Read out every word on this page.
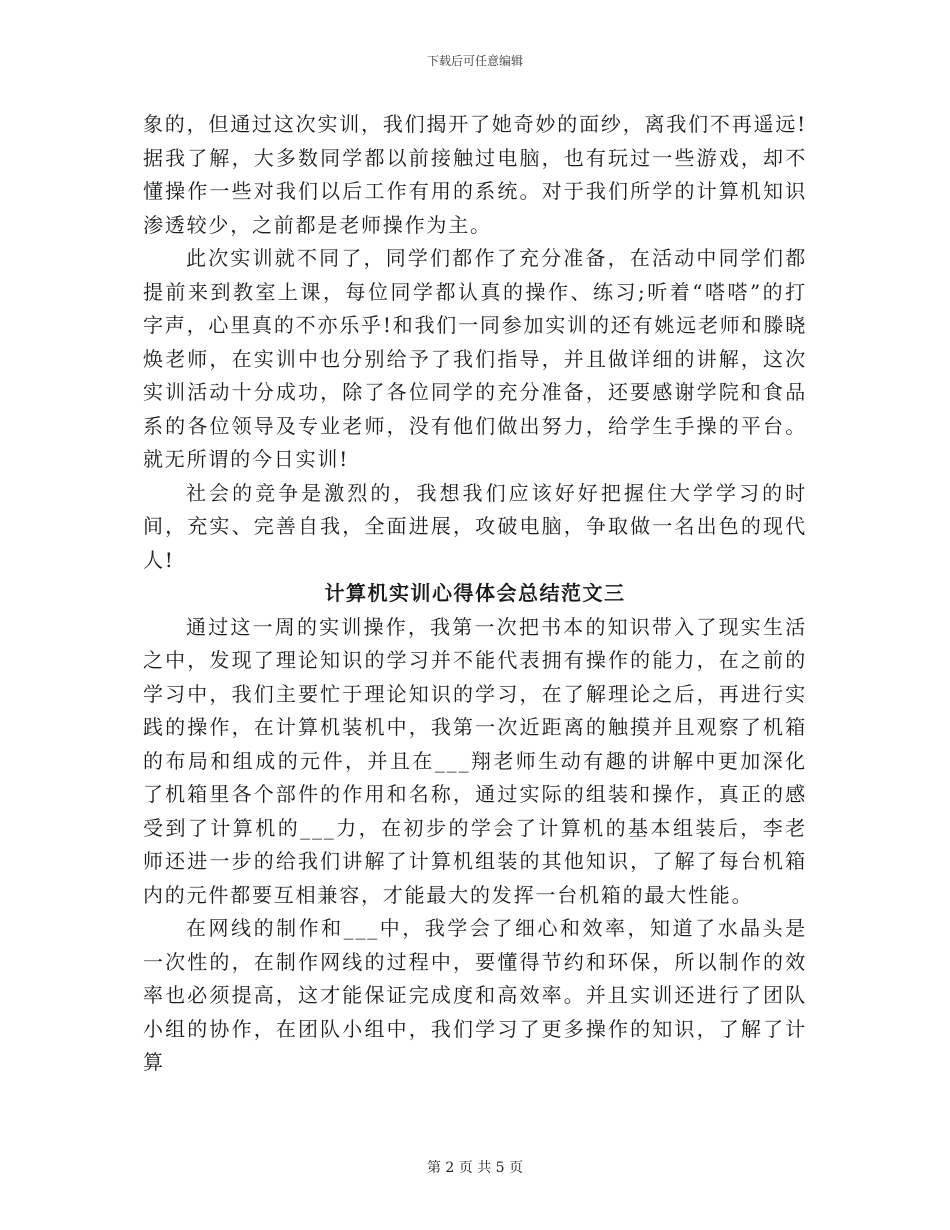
下载后可任意编辑

象的，但通过这次实训，我们揭开了她奇妙的面纱，离我们不再遥远!据我了解，大多数同学都以前接触过电脑，也有玩过一些游戏，却不懂操作一些对我们以后工作有用的系统。对于我们所学的计算机知识渗透较少，之前都是老师操作为主。

此次实训就不同了，同学们都作了充分准备，在活动中同学们都提前来到教室上课，每位同学都认真的操作、练习;听着“嗒嗒”的打字声，心里真的不亦乐乎!和我们一同参加实训的还有姚远老师和滕晓焕老师，在实训中也分别给予了我们指导，并且做详细的讲解，这次实训活动十分成功，除了各位同学的充分准备，还要感谢学院和食品系的各位领导及专业老师，没有他们做出努力，给学生手操的平台。就无所谓的今日实训!

社会的竞争是激烈的，我想我们应该好好把握住大学学习的时间，充实、完善自我，全面进展，攻破电脑，争取做一名出色的现代人!

计算机实训心得体会总结范文三

通过这一周的实训操作，我第一次把书本的知识带入了现实生活之中，发现了理论知识的学习并不能代表拥有操作的能力，在之前的学习中，我们主要忙于理论知识的学习，在了解理论之后，再进行实践的操作，在计算机装机中，我第一次近距离的触摸并且观察了机箱的布局和组成的元件，并且在___翔老师生动有趣的讲解中更加深化了机箱里各个部件的作用和名称，通过实际的组装和操作，真正的感受到了计算机的___力，在初步的学会了计算机的基本组装后，李老师还进一步的给我们讲解了计算机组装的其他知识，了解了每台机箱内的元件都要互相兼容，才能最大的发挥一台机箱的最大性能。

在网线的制作和___中，我学会了细心和效率，知道了水晶头是一次性的，在制作网线的过程中，要懂得节约和环保，所以制作的效率也必须提高，这才能保证完成度和高效率。并且实训还进行了团队小组的协作，在团队小组中，我们学习了更多操作的知识，了解了计算

第 2 页 共 5 页
